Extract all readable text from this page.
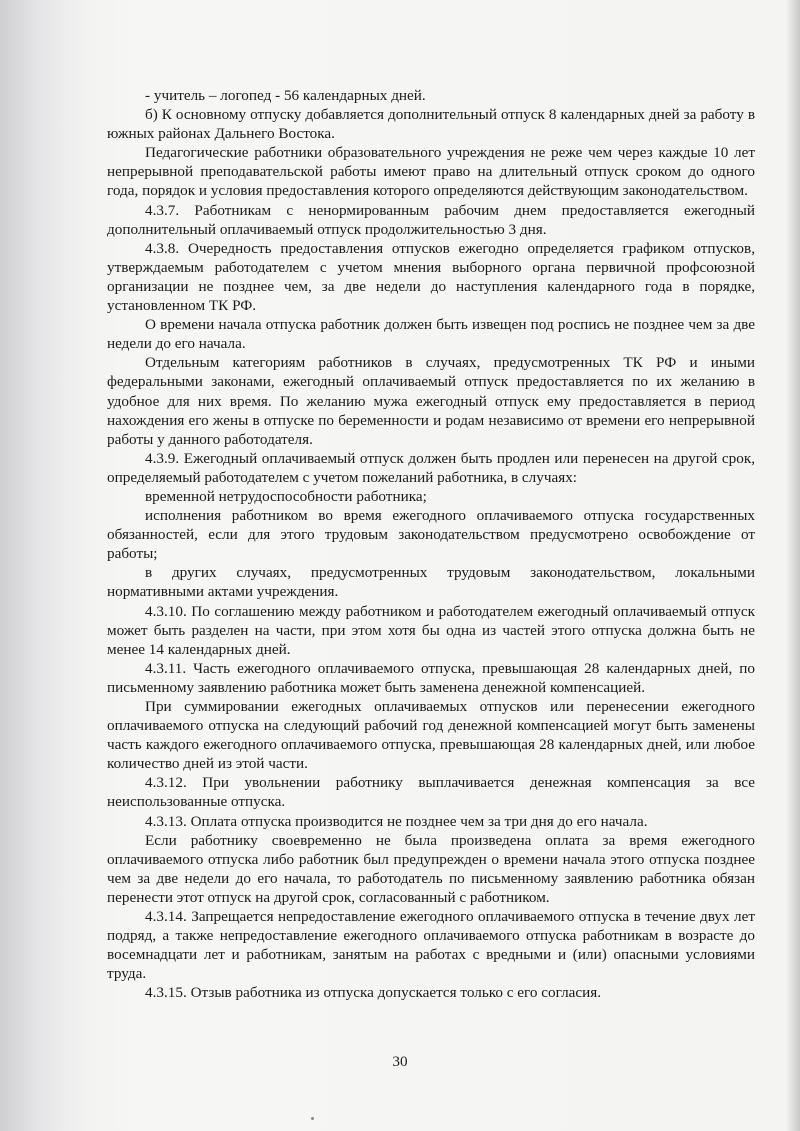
- учитель – логопед - 56 календарных дней.

б) К основному отпуску добавляется дополнительный отпуск 8 календарных дней за работу в южных районах Дальнего Востока.

Педагогические работники образовательного учреждения не реже чем через каждые 10 лет непрерывной преподавательской работы имеют право на длительный отпуск сроком до одного года, порядок и условия предоставления которого определяются действующим законодательством.

4.3.7. Работникам с ненормированным рабочим днем предоставляется ежегодный дополнительный оплачиваемый отпуск продолжительностью 3 дня.

4.3.8. Очередность предоставления отпусков ежегодно определяется графиком отпусков, утверждаемым работодателем с учетом мнения выборного органа первичной профсоюзной организации не позднее чем, за две недели до наступления календарного года в порядке, установленном ТК РФ.

О времени начала отпуска работник должен быть извещен под роспись не позднее чем за две недели до его начала.

Отдельным категориям работников в случаях, предусмотренных ТК РФ и иными федеральными законами, ежегодный оплачиваемый отпуск предоставляется по их желанию в удобное для них время. По желанию мужа ежегодный отпуск ему предоставляется в период нахождения его жены в отпуске по беременности и родам независимо от времени его непрерывной работы у данного работодателя.

4.3.9. Ежегодный оплачиваемый отпуск должен быть продлен или перенесен на другой срок, определяемый работодателем с учетом пожеланий работника, в случаях:

временной нетрудоспособности работника;

исполнения работником во время ежегодного оплачиваемого отпуска государственных обязанностей, если для этого трудовым законодательством предусмотрено освобождение от работы;

в других случаях, предусмотренных трудовым законодательством, локальными нормативными актами учреждения.

4.3.10. По соглашению между работником и работодателем ежегодный оплачиваемый отпуск может быть разделен на части, при этом хотя бы одна из частей этого отпуска должна быть не менее 14 календарных дней.

4.3.11. Часть ежегодного оплачиваемого отпуска, превышающая 28 календарных дней, по письменному заявлению работника может быть заменена денежной компенсацией.

При суммировании ежегодных оплачиваемых отпусков или перенесении ежегодного оплачиваемого отпуска на следующий рабочий год денежной компенсацией могут быть заменены часть каждого ежегодного оплачиваемого отпуска, превышающая 28 календарных дней, или любое количество дней из этой части.

4.3.12. При увольнении работнику выплачивается денежная компенсация за все неиспользованные отпуска.

4.3.13. Оплата отпуска производится не позднее чем за три дня до его начала.

Если работнику своевременно не была произведена оплата за время ежегодного оплачиваемого отпуска либо работник был предупрежден о времени начала этого отпуска позднее чем за две недели до его начала, то работодатель по письменному заявлению работника обязан перенести этот отпуск на другой срок, согласованный с работником.

4.3.14. Запрещается непредоставление ежегодного оплачиваемого отпуска в течение двух лет подряд, а также непредоставление ежегодного оплачиваемого отпуска работникам в возрасте до восемнадцати лет и работникам, занятым на работах с вредными и (или) опасными условиями труда.

4.3.15. Отзыв работника из отпуска допускается только с его согласия.

30
